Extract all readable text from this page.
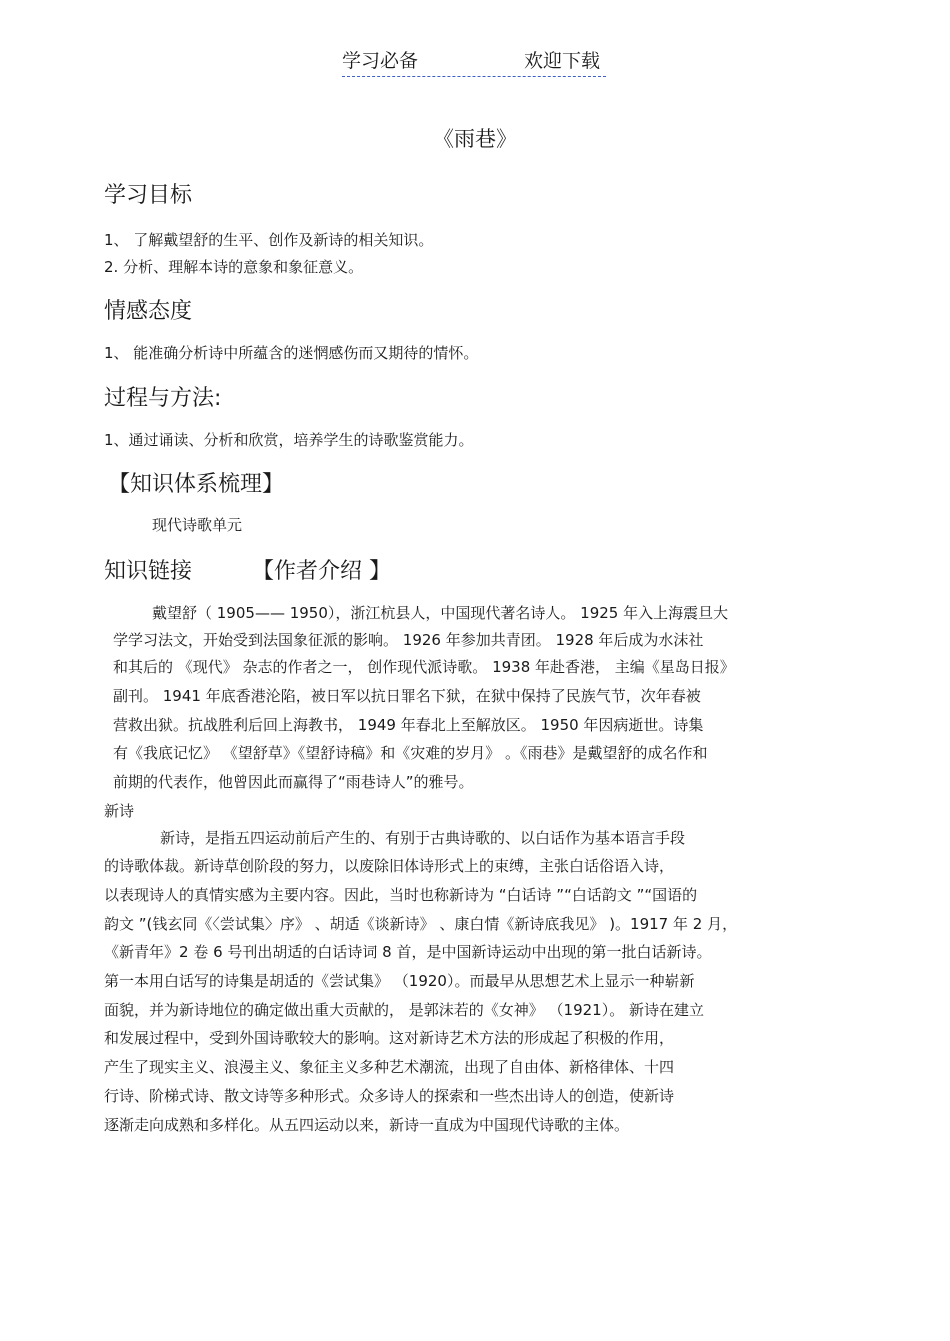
学习必备	欢迎下载
《雨巷》
学习目标
1、 了解戴望舒的生平、创作及新诗的相关知识。
2. 分析、理解本诗的意象和象征意义。
情感态度
1、 能准确分析诗中所蕴含的迷惘感伤而又期待的情怀。
过程与方法:
1、通过诵读、分析和欣赏，培养学生的诗歌鉴赏能力。
【知识体系梳理】
现代诗歌单元
知识链接	【作者介绍 】
戴望舒（ 1905—— 1950），浙江杭县人，中国现代著名诗人。 1925 年入上海震旦大
学学习法文，开始受到法国象征派的影响。 1926 年参加共青团。 1928 年后成为水沫社
和其后的 《现代》 杂志的作者之一， 创作现代派诗歌。 1938 年赴香港， 主编《星岛日报》
副刊。 1941 年底香港沦陷，被日军以抗日罪名下狱，在狱中保持了民族气节，次年春被
营救出狱。抗战胜利后回上海教书， 1949 年春北上至解放区。 1950 年因病逝世。诗集
有《我底记忆》 《望舒草》《望舒诗稿》和《灾难的岁月》 。《雨巷》是戴望舒的成名作和
前期的代表作，他曾因此而赢得了“雨巷诗人”的雅号。
新诗
新诗，是指五四运动前后产生的、有别于古典诗歌的、以白话作为基本语言手段
的诗歌体裁。新诗草创阶段的努力，以废除旧体诗形式上的束缚，主张白话俗语入诗，
以表现诗人的真情实感为主要内容。因此，当时也称新诗为 “白话诗 ”“白话韵文 ”“国语的
韵文 ”(钱玄同《〈尝试集〉序》 、胡适《谈新诗》 、康白情《新诗底我见》 )。1917 年 2 月，
《新青年》2 卷 6 号刊出胡适的白话诗词 8 首，是中国新诗运动中出现的第一批白话新诗。
第一本用白话写的诗集是胡适的《尝试集》 （1920）。而最早从思想艺术上显示一种崭新
面貌，并为新诗地位的确定做出重大贡献的， 是郭沫若的《女神》 （1921）。 新诗在建立
和发展过程中，受到外国诗歌较大的影响。这对新诗艺术方法的形成起了积极的作用，
产生了现实主义、浪漫主义、象征主义多种艺术潮流，出现了自由体、新格律体、十四
行诗、阶梯式诗、散文诗等多种形式。众多诗人的探索和一些杰出诗人的创造，使新诗
逐渐走向成熟和多样化。从五四运动以来，新诗一直成为中国现代诗歌的主体。
